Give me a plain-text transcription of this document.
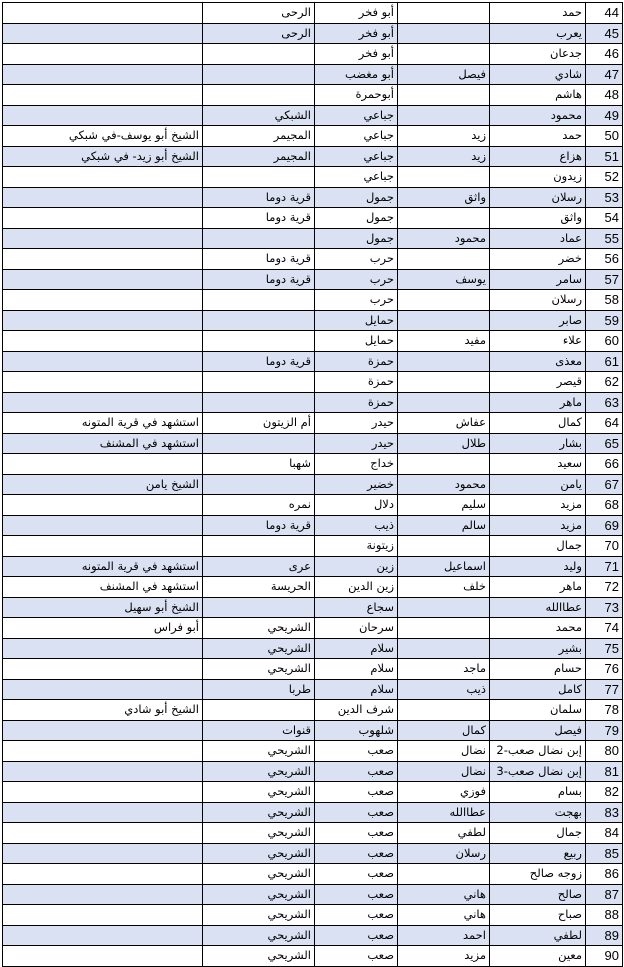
	الرحى	أبو فخر		حمد	44
	الرحى	أبو فخر		يعرب	45
		أبو فخر		جدعان	46
		أبو مغضب	فيصل	شادي	47
		أبوحمرة		هاشم	48
	الشبكي	جباعي		محمود	49
الشيخ أبو يوسف-في شبكي	المجيمر	جباعي	زيد	حمد	50
الشيخ أبو زيد- في شبكي	المجيمر	جباعي	زيد	هزاع	51
		جباعي		زيدون	52
	قرية دوما	جمول	واثق	رسلان	53
	قرية دوما	جمول		واثق	54
		جمول	محمود	عماد	55
	قرية دوما	حرب		خضر	56
	قرية دوما	حرب	يوسف	سامر	57
		حرب		رسلان	58
		حمايل		صابر	59
		حمايل	مفيد	علاء	60
	قرية دوما	حمزة		معذى	61
		حمزة		قيصر	62
		حمزة		ماهر	63
استشهد في قرية المتونه	أم الزيتون	حيدر	عفاش	كمال	64
استشهد في المشنف		حيدر	طلال	بشار	65
	شهبا	خداج		سعيد	66
الشيخ يامن		خضير	محمود	يامن	67
	نمره	دلال	سليم	مزيد	68
	قرية دوما	ذيب	سالم	مزيد	69
		زيتونة		جمال	70
استشهد في قرية المتونه	عرى	زين	اسماعيل	وليد	71
استشهد في المشنف	الحريسة	زين الدين	خلف	ماهر	72
الشيخ أبو سهيل		سجاع		عطاالله	73
أبو فراس	الشريحي	سرحان		محمد	74
	الشريحي	سلام		بشير	75
	الشريحي	سلام	ماجد	حسام	76
	طربا	سلام	ذيب	كامل	77
الشيخ أبو شادي		شرف الدين		سلمان	78
	قنوات	شلهوب	كمال	فيصل	79
	الشريحي	صعب	نضال	إبن نضال صعب-2	80
	الشريحي	صعب	نضال	إبن نضال صعب-3	81
	الشريحي	صعب	فوزي	بسام	82
	الشريحي	صعب	عطاالله	بهجت	83
	الشريحي	صعب	لطفي	جمال	84
	الشريحي	صعب	رسلان	ربيع	85
	الشريحي	صعب		زوجه صالح	86
	الشريحي	صعب	هاني	صالح	87
	الشريحي	صعب	هاني	صباح	88
	الشريحي	صعب	احمد	لطفي	89
	الشريحي	صعب	مزيد	معين	90
